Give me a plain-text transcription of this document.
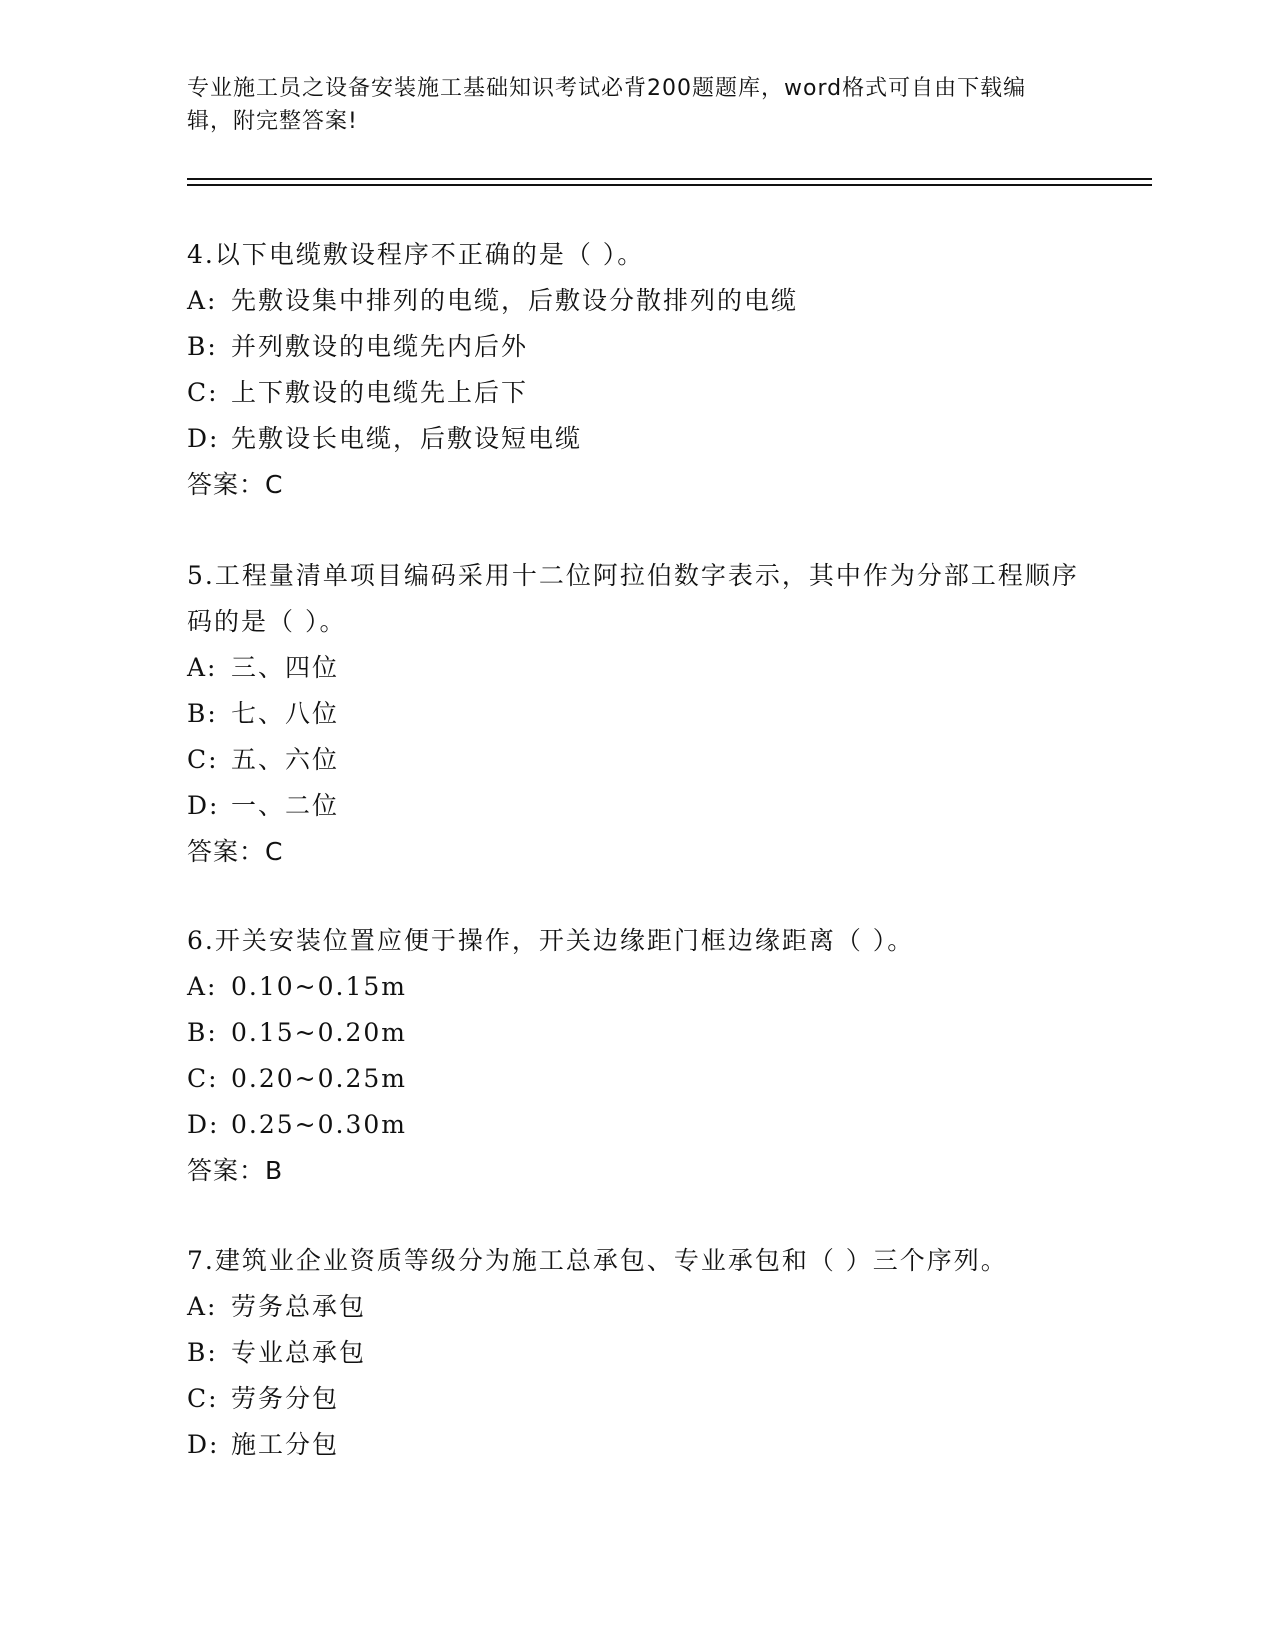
专业施工员之设备安装施工基础知识考试必背200题题库，word格式可自由下载编辑，附完整答案!
4.以下电缆敷设程序不正确的是（ ）。
A: 先敷设集中排列的电缆，后敷设分散排列的电缆
B: 并列敷设的电缆先内后外
C: 上下敷设的电缆先上后下
D: 先敷设长电缆，后敷设短电缆
答案：C
5.工程量清单项目编码采用十二位阿拉伯数字表示，其中作为分部工程顺序码的是（ ）。
A: 三、四位
B: 七、八位
C: 五、六位
D: 一、二位
答案：C
6.开关安装位置应便于操作，开关边缘距门框边缘距离（ ）。
A: 0.10~0.15m
B: 0.15~0.20m
C: 0.20~0.25m
D: 0.25~0.30m
答案：B
7.建筑业企业资质等级分为施工总承包、专业承包和（ ）三个序列。
A: 劳务总承包
B: 专业总承包
C: 劳务分包
D: 施工分包
